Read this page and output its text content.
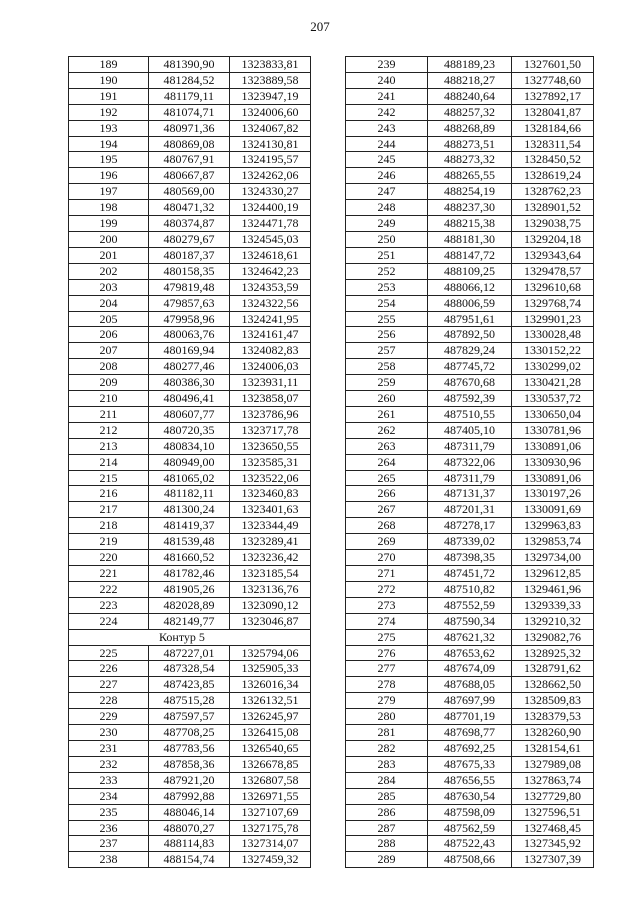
207
189	481390,90	1323833,81
190	481284,52	1323889,58
191	481179,11	1323947,19
192	481074,71	1324006,60
193	480971,36	1324067,82
194	480869,08	1324130,81
195	480767,91	1324195,57
196	480667,87	1324262,06
197	480569,00	1324330,27
198	480471,32	1324400,19
199	480374,87	1324471,78
200	480279,67	1324545,03
201	480187,37	1324618,61
202	480158,35	1324642,23
203	479819,48	1324353,59
204	479857,63	1324322,56
205	479958,96	1324241,95
206	480063,76	1324161,47
207	480169,94	1324082,83
208	480277,46	1324006,03
209	480386,30	1323931,11
210	480496,41	1323858,07
211	480607,77	1323786,96
212	480720,35	1323717,78
213	480834,10	1323650,55
214	480949,00	1323585,31
215	481065,02	1323522,06
216	481182,11	1323460,83
217	481300,24	1323401,63
218	481419,37	1323344,49
219	481539,48	1323289,41
220	481660,52	1323236,42
221	481782,46	1323185,54
222	481905,26	1323136,76
223	482028,89	1323090,12
224	482149,77	1323046,87
Контур 5		
225	487227,01	1325794,06
226	487328,54	1325905,33
227	487423,85	1326016,34
228	487515,28	1326132,51
229	487597,57	1326245,97
230	487708,25	1326415,08
231	487783,56	1326540,65
232	487858,36	1326678,85
233	487921,20	1326807,58
234	487992,88	1326971,55
235	488046,14	1327107,69
236	488070,27	1327175,78
237	488114,83	1327314,07
238	488154,74	1327459,32
239	488189,23	1327601,50
240	488218,27	1327748,60
241	488240,64	1327892,17
242	488257,32	1328041,87
243	488268,89	1328184,66
244	488273,51	1328311,54
245	488273,32	1328450,52
246	488265,55	1328619,24
247	488254,19	1328762,23
248	488237,30	1328901,52
249	488215,38	1329038,75
250	488181,30	1329204,18
251	488147,72	1329343,64
252	488109,25	1329478,57
253	488066,12	1329610,68
254	488006,59	1329768,74
255	487951,61	1329901,23
256	487892,50	1330028,48
257	487829,24	1330152,22
258	487745,72	1330299,02
259	487670,68	1330421,28
260	487592,39	1330537,72
261	487510,55	1330650,04
262	487405,10	1330781,96
263	487311,79	1330891,06
264	487322,06	1330930,96
265	487311,79	1330891,06
266	487131,37	1330197,26
267	487201,31	1330091,69
268	487278,17	1329963,83
269	487339,02	1329853,74
270	487398,35	1329734,00
271	487451,72	1329612,85
272	487510,82	1329461,96
273	487552,59	1329339,33
274	487590,34	1329210,32
275	487621,32	1329082,76
276	487653,62	1328925,32
277	487674,09	1328791,62
278	487688,05	1328662,50
279	487697,99	1328509,83
280	487701,19	1328379,53
281	487698,77	1328260,90
282	487692,25	1328154,61
283	487675,33	1327989,08
284	487656,55	1327863,74
285	487630,54	1327729,80
286	487598,09	1327596,51
287	487562,59	1327468,45
288	487522,43	1327345,92
289	487508,66	1327307,39
